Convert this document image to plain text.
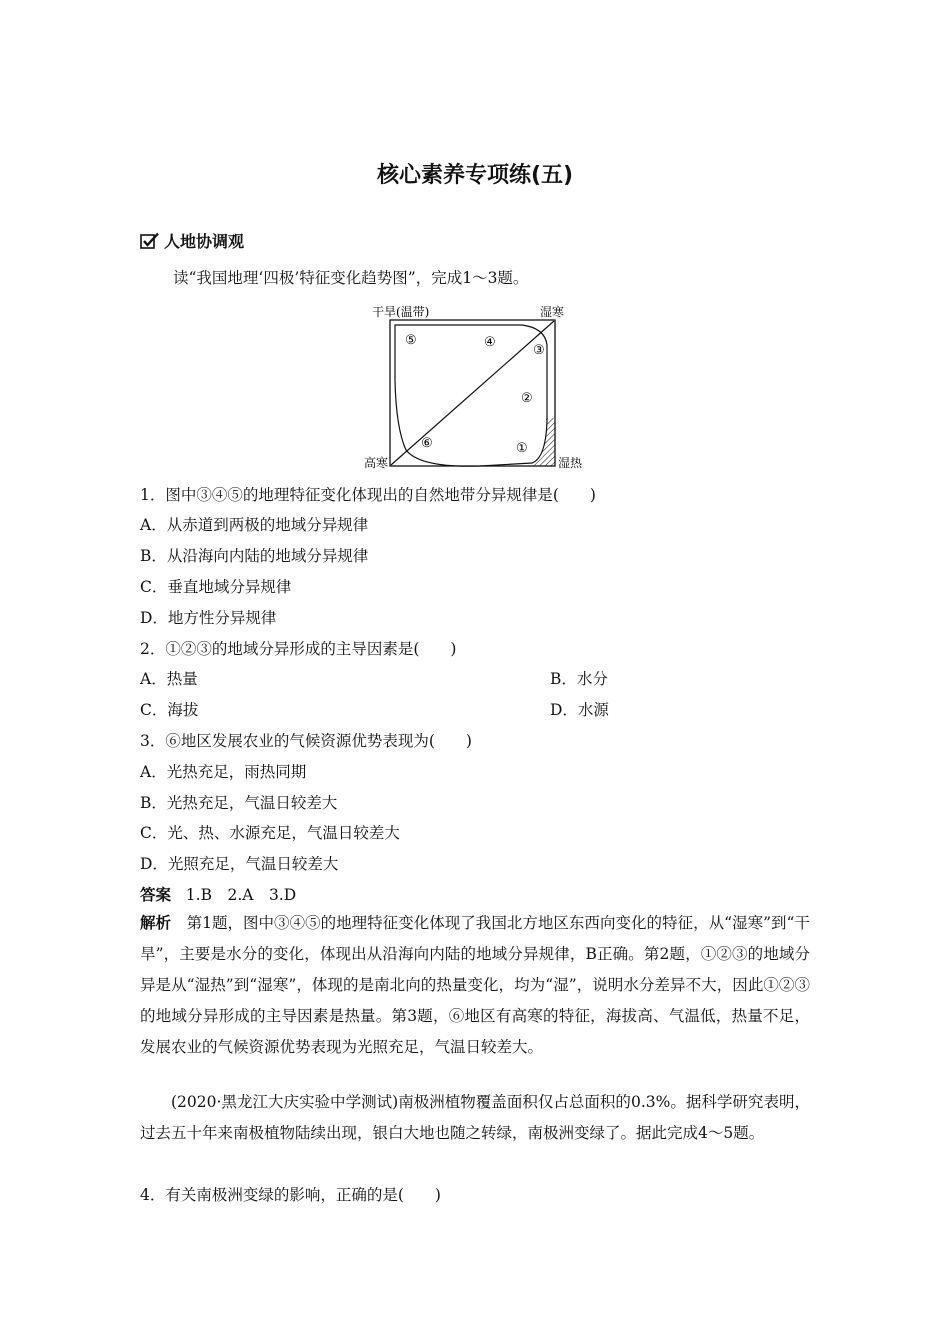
核心素养专项练(五)
人地协调观
读“我国地理‘四极’特征变化趋势图”，完成1～3题。
干旱(温带)	湿寒
高寒	湿热
⑤	④
③
②
①
⑥
1．图中③④⑤的地理特征变化体现出的自然地带分异规律是(　　)
A．从赤道到两极的地域分异规律
B．从沿海向内陆的地域分异规律
C．垂直地域分异规律
D．地方性分异规律
2．①②③的地域分异形成的主导因素是(　　)
A．热量	B．水分
C．海拔	D．水源
3．⑥地区发展农业的气候资源优势表现为(　　)
A．光热充足，雨热同期
B．光热充足，气温日较差大
C．光、热、水源充足，气温日较差大
D．光照充足，气温日较差大
答案 1.B　2.A　3.D
解析　 第1题，图中③④⑤的地理特征变化体现了我国北方地区东西向变化的特征，从“湿寒”到“干旱”，主要是水分的变化，体现出从沿海向内陆的地域分异规律，B正确。第2题，①②③的地域分异是从“湿热”到“湿寒”，体现的是南北向的热量变化，均为“湿”，说明水分差异不大，因此①②③的地域分异形成的主导因素是热量。第3题，⑥地区有高寒的特征，海拔高、气温低，热量不足，发展农业的气候资源优势表现为光照充足，气温日较差大。
(2020·黑龙江大庆实验中学测试)南极洲植物覆盖面积仅占总面积的0.3%。据科学研究表明，过去五十年来南极植物陆续出现，银白大地也随之转绿，南极洲变绿了。据此完成4～5题。
4．有关南极洲变绿的影响，正确的是(　　)
